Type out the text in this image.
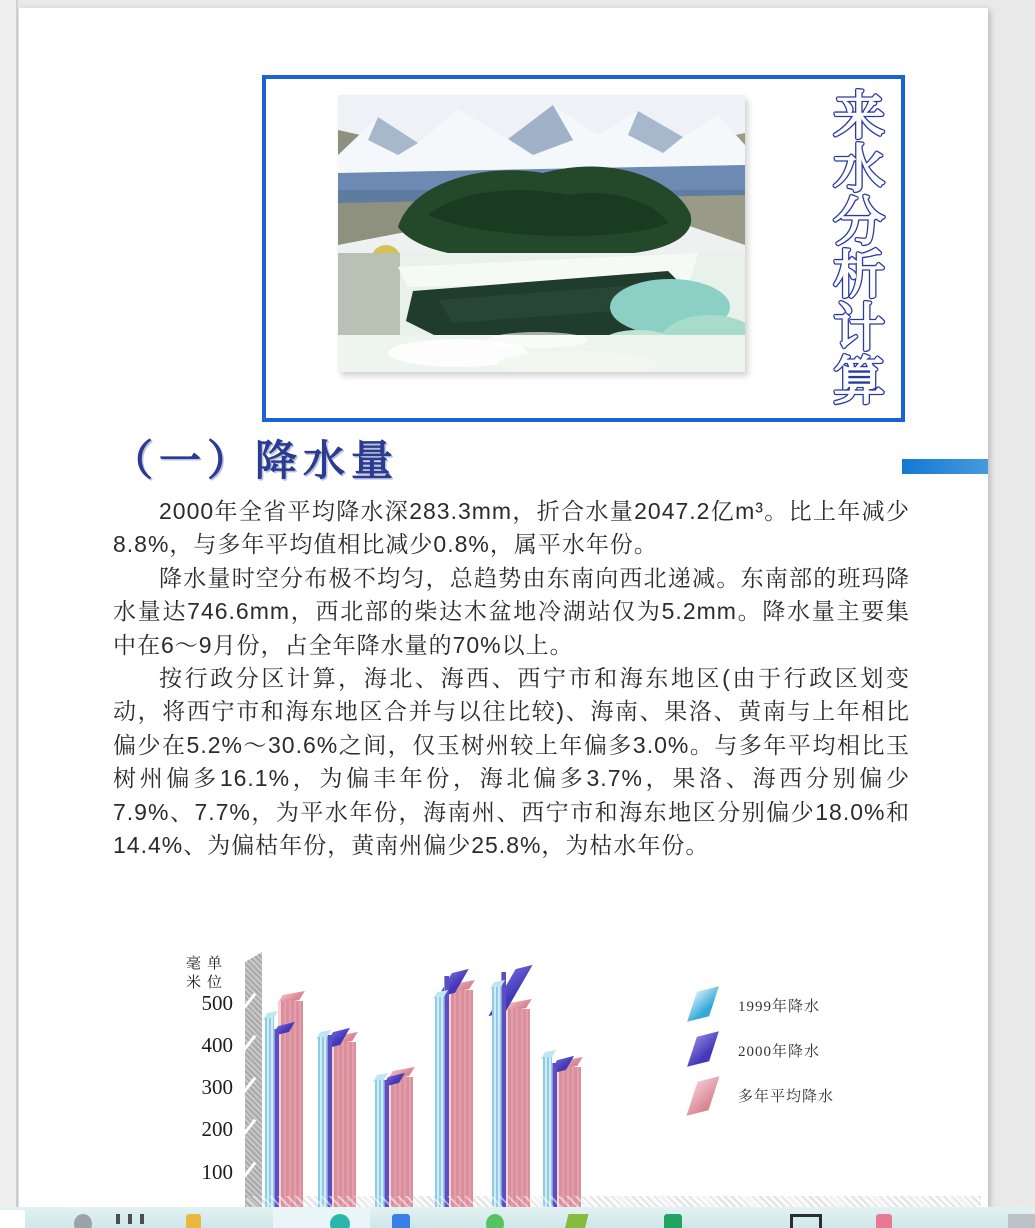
来
水
分
析
计
算
（一）降水量

2000年全省平均降水深283.3mm，折合水量2047.2亿m³。比上年减少8.8%，与多年平均值相比减少0.8%，属平水年份。

降水量时空分布极不均匀，总趋势由东南向西北递减。东南部的班玛降水量达746.6mm，西北部的柴达木盆地冷湖站仅为5.2mm。降水量主要集中在6～9月份，占全年降水量的70%以上。

按行政分区计算，海北、海西、西宁市和海东地区(由于行政区划变动，将西宁市和海东地区合并与以往比较)、海南、果洛、黄南与上年相比偏少在5.2%～30.6%之间，仅玉树州较上年偏多3.0%。与多年平均相比玉树州偏多16.1%，为偏丰年份，海北偏多3.7%，果洛、海西分别偏少7.9%、7.7%，为平水年份，海南州、西宁市和海东地区分别偏少18.0%和14.4%、为偏枯年份，黄南州偏少25.8%，为枯水年份。

单位
毫米
1999年降水
2000年降水
多年平均降水
100
200
300
400
500
